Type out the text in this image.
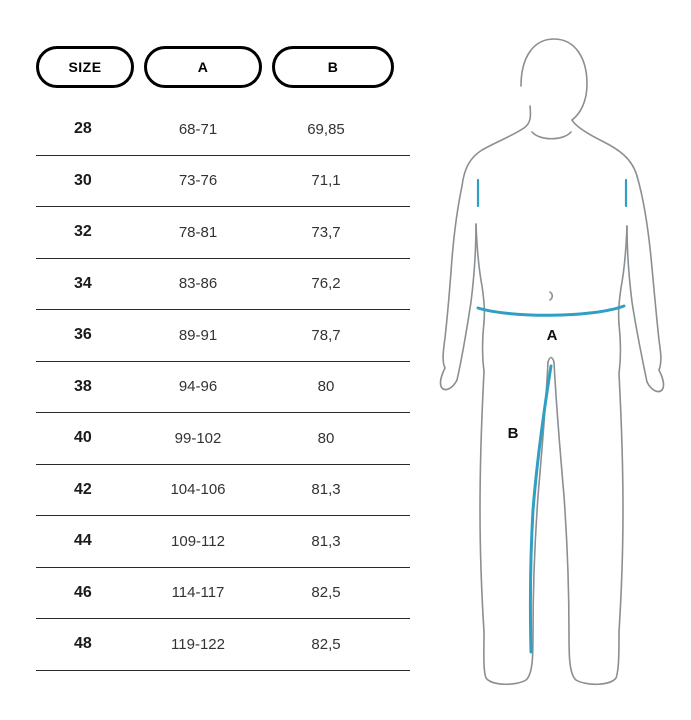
SIZE	A	B
28	68-71	69,85
30	73-76	71,1
32	78-81	73,7
34	83-86	76,2
36	89-91	78,7
38	94-96	80
40	99-102	80
42	104-106	81,3
44	109-112	81,3
46	114-117	82,5
48	119-122	82,5
A
B
